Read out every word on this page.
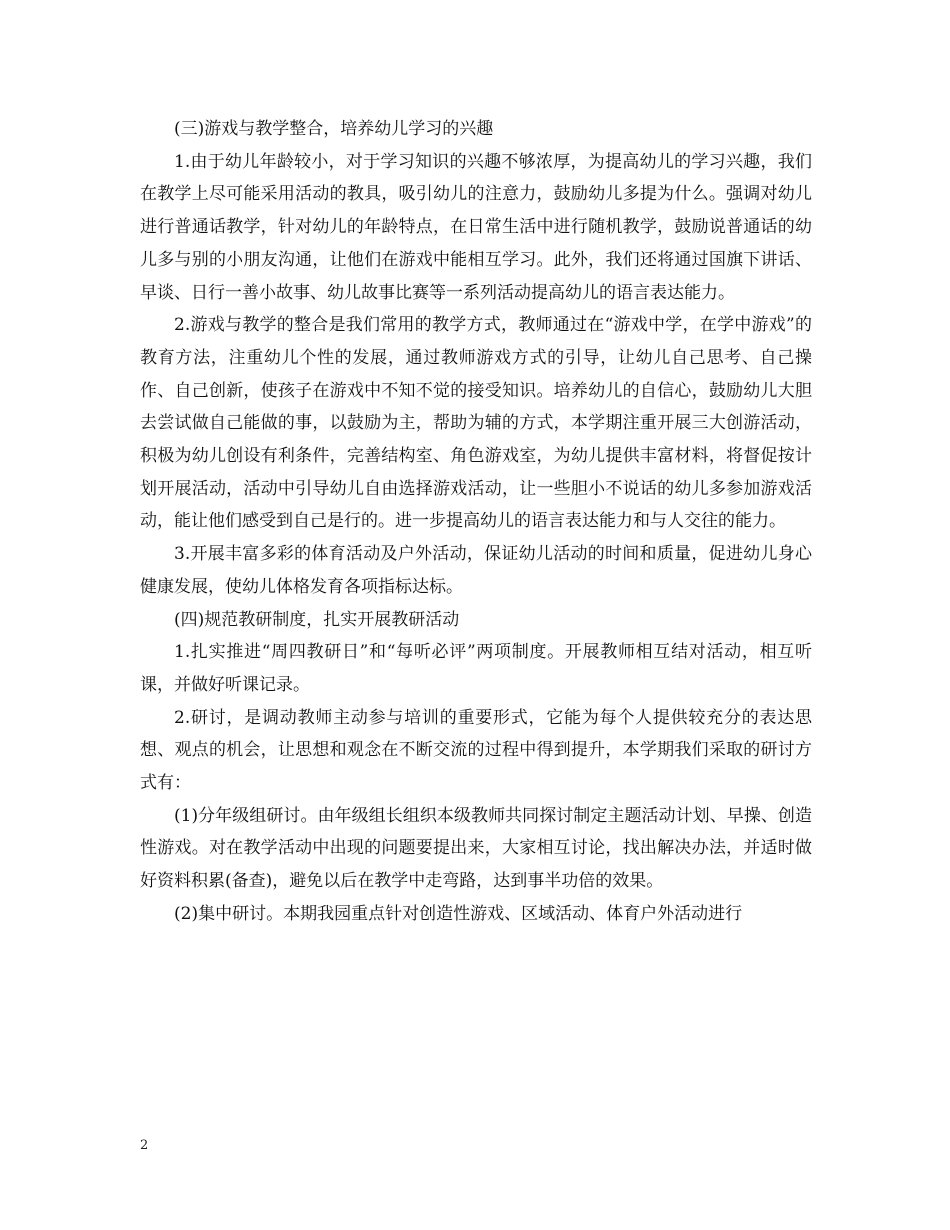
(三)游戏与教学整合，培养幼儿学习的兴趣

1.由于幼儿年龄较小，对于学习知识的兴趣不够浓厚，为提高幼儿的学习兴趣，我们在教学上尽可能采用活动的教具，吸引幼儿的注意力，鼓励幼儿多提为什么。强调对幼儿进行普通话教学，针对幼儿的年龄特点，在日常生活中进行随机教学，鼓励说普通话的幼儿多与别的小朋友沟通，让他们在游戏中能相互学习。此外，我们还将通过国旗下讲话、早谈、日行一善小故事、幼儿故事比赛等一系列活动提高幼儿的语言表达能力。

2.游戏与教学的整合是我们常用的教学方式，教师通过在“游戏中学，在学中游戏”的教育方法，注重幼儿个性的发展，通过教师游戏方式的引导，让幼儿自己思考、自己操作、自己创新，使孩子在游戏中不知不觉的接受知识。培养幼儿的自信心，鼓励幼儿大胆去尝试做自己能做的事，以鼓励为主，帮助为辅的方式，本学期注重开展三大创游活动，积极为幼儿创设有利条件，完善结构室、角色游戏室，为幼儿提供丰富材料，将督促按计划开展活动，活动中引导幼儿自由选择游戏活动，让一些胆小不说话的幼儿多参加游戏活动，能让他们感受到自己是行的。进一步提高幼儿的语言表达能力和与人交往的能力。

3.开展丰富多彩的体育活动及户外活动，保证幼儿活动的时间和质量，促进幼儿身心健康发展，使幼儿体格发育各项指标达标。

(四)规范教研制度，扎实开展教研活动

1.扎实推进“周四教研日”和“每听必评”两项制度。开展教师相互结对活动，相互听课，并做好听课记录。

2.研讨，是调动教师主动参与培训的重要形式，它能为每个人提供较充分的表达思想、观点的机会，让思想和观念在不断交流的过程中得到提升，本学期我们采取的研讨方式有：

(1)分年级组研讨。由年级组长组织本级教师共同探讨制定主题活动计划、早操、创造性游戏。对在教学活动中出现的问题要提出来，大家相互讨论，找出解决办法，并适时做好资料积累(备查)，避免以后在教学中走弯路，达到事半功倍的效果。

(2)集中研讨。本期我园重点针对创造性游戏、区域活动、体育户外活动进行

2
